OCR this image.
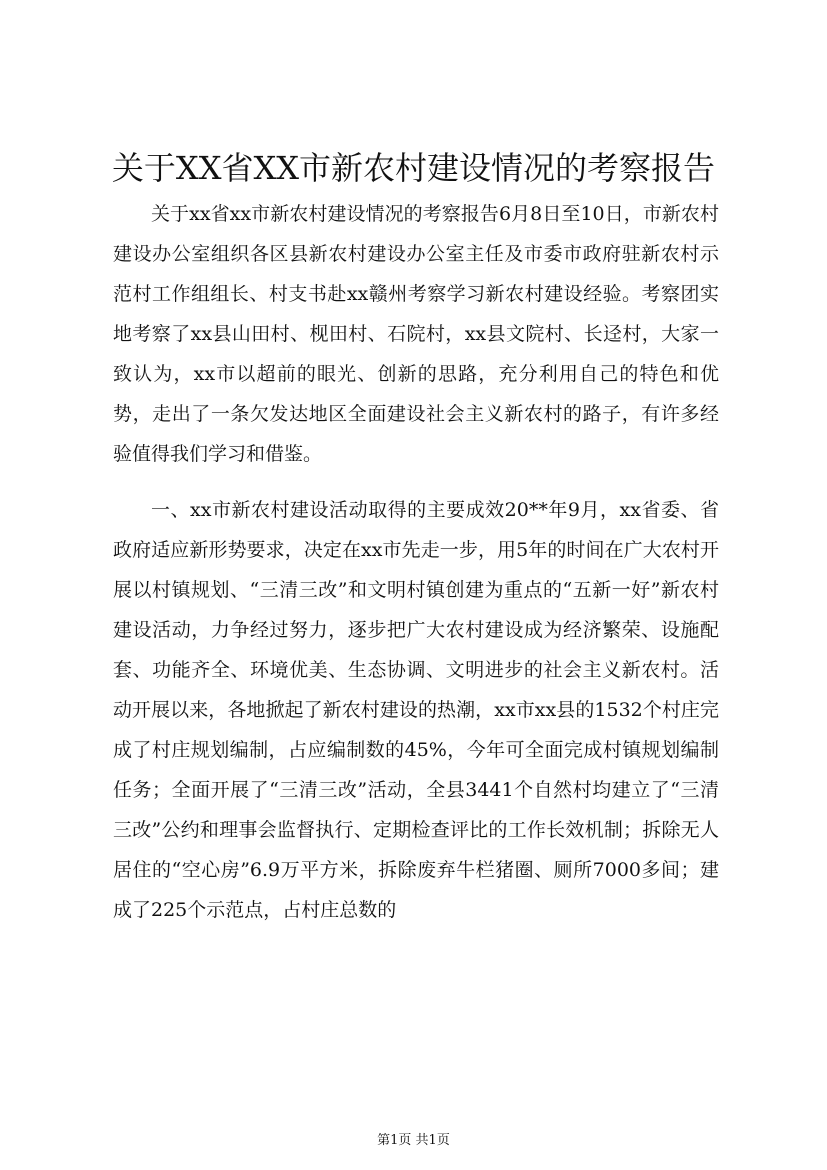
关于XX省XX市新农村建设情况的考察报告

关于xx省xx市新农村建设情况的考察报告6月8日至10日，市新农村建设办公室组织各区县新农村建设办公室主任及市委市政府驻新农村示范村工作组组长、村支书赴xx赣州考察学习新农村建设经验。考察团实地考察了xx县山田村、枧田村、石院村，xx县文院村、长迳村，大家一致认为，xx市以超前的眼光、创新的思路，充分利用自己的特色和优势，走出了一条欠发达地区全面建设社会主义新农村的路子，有许多经验值得我们学习和借鉴。

一、xx市新农村建设活动取得的主要成效20**年9月，xx省委、省政府适应新形势要求，决定在xx市先走一步，用5年的时间在广大农村开展以村镇规划、“三清三改”和文明村镇创建为重点的“五新一好”新农村建设活动，力争经过努力，逐步把广大农村建设成为经济繁荣、设施配套、功能齐全、环境优美、生态协调、文明进步的社会主义新农村。活动开展以来，各地掀起了新农村建设的热潮，xx市xx县的1532个村庄完成了村庄规划编制，占应编制数的45%，今年可全面完成村镇规划编制任务；全面开展了“三清三改”活动，全县3441个自然村均建立了“三清三改”公约和理事会监督执行、定期检查评比的工作长效机制；拆除无人居住的“空心房”6.9万平方米，拆除废弃牛栏猪圈、厕所7000多间；建成了225个示范点，占村庄总数的

第1页 共1页
